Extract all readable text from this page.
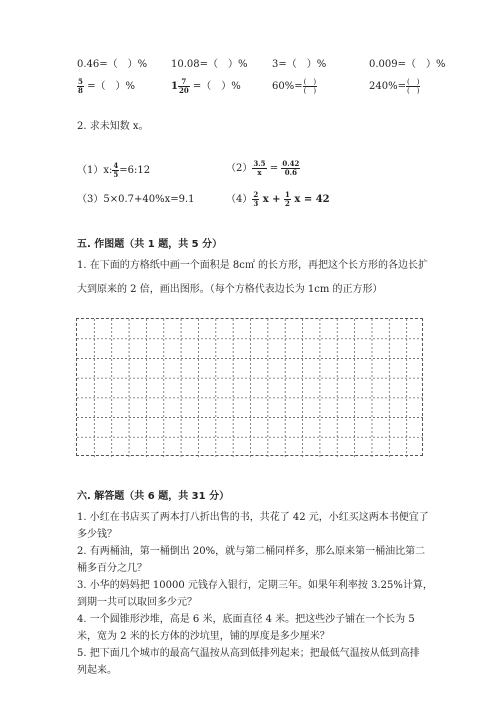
0.46=（　）% 10.08=（　）% 3=（　）%	0.009=（　）%
$\frac{5}{8}$ =（　）%	$1 \frac{7}{20}$ =（　）%	$60\%= \frac{( )}{( )}$	$240\%= \frac{( )}{( )}$
2. 求未知数 x。
（1）x: $\frac{4}{5}$ =6:12	$(2) \frac{3.5}{x} = \frac{0.42}{0.6}$
（3）5×0.7+40%x=9.1	$(4) \frac{2}{3}$ $x + \frac{1}{2}$ x = 42
五. 作图题（共 1 题，共 5 分）
1. 在下面的方格纸中画一个面积是 8c㎡ 的长方形，再把这个长方形的各边长扩
大到原来的 2 倍，画出图形。（每个方格代表边长为 1cm 的正方形）
六. 解答题（共 6 题，共 31 分）
1. 小红在书店买了两本打八折出售的书，共花了 42 元，小红买这两本书便宜了
多少钱？
2. 有两桶油，第一桶倒出 20%，就与第二桶同样多，那么原来第一桶油比第二
桶多百分之几？
3. 小华的妈妈把 10000 元钱存入银行，定期三年。如果年利率按 3.25%计算，
到期一共可以取回多少元？
4. 一个圆锥形沙堆，高是 6 米，底面直径 4 米。把这些沙子铺在一个长为 5
米，宽为 2 米的长方体的沙坑里，铺的厚度是多少厘米？
5. 把下面几个城市的最高气温按从高到低排列起来；把最低气温按从低到高排
列起来。
